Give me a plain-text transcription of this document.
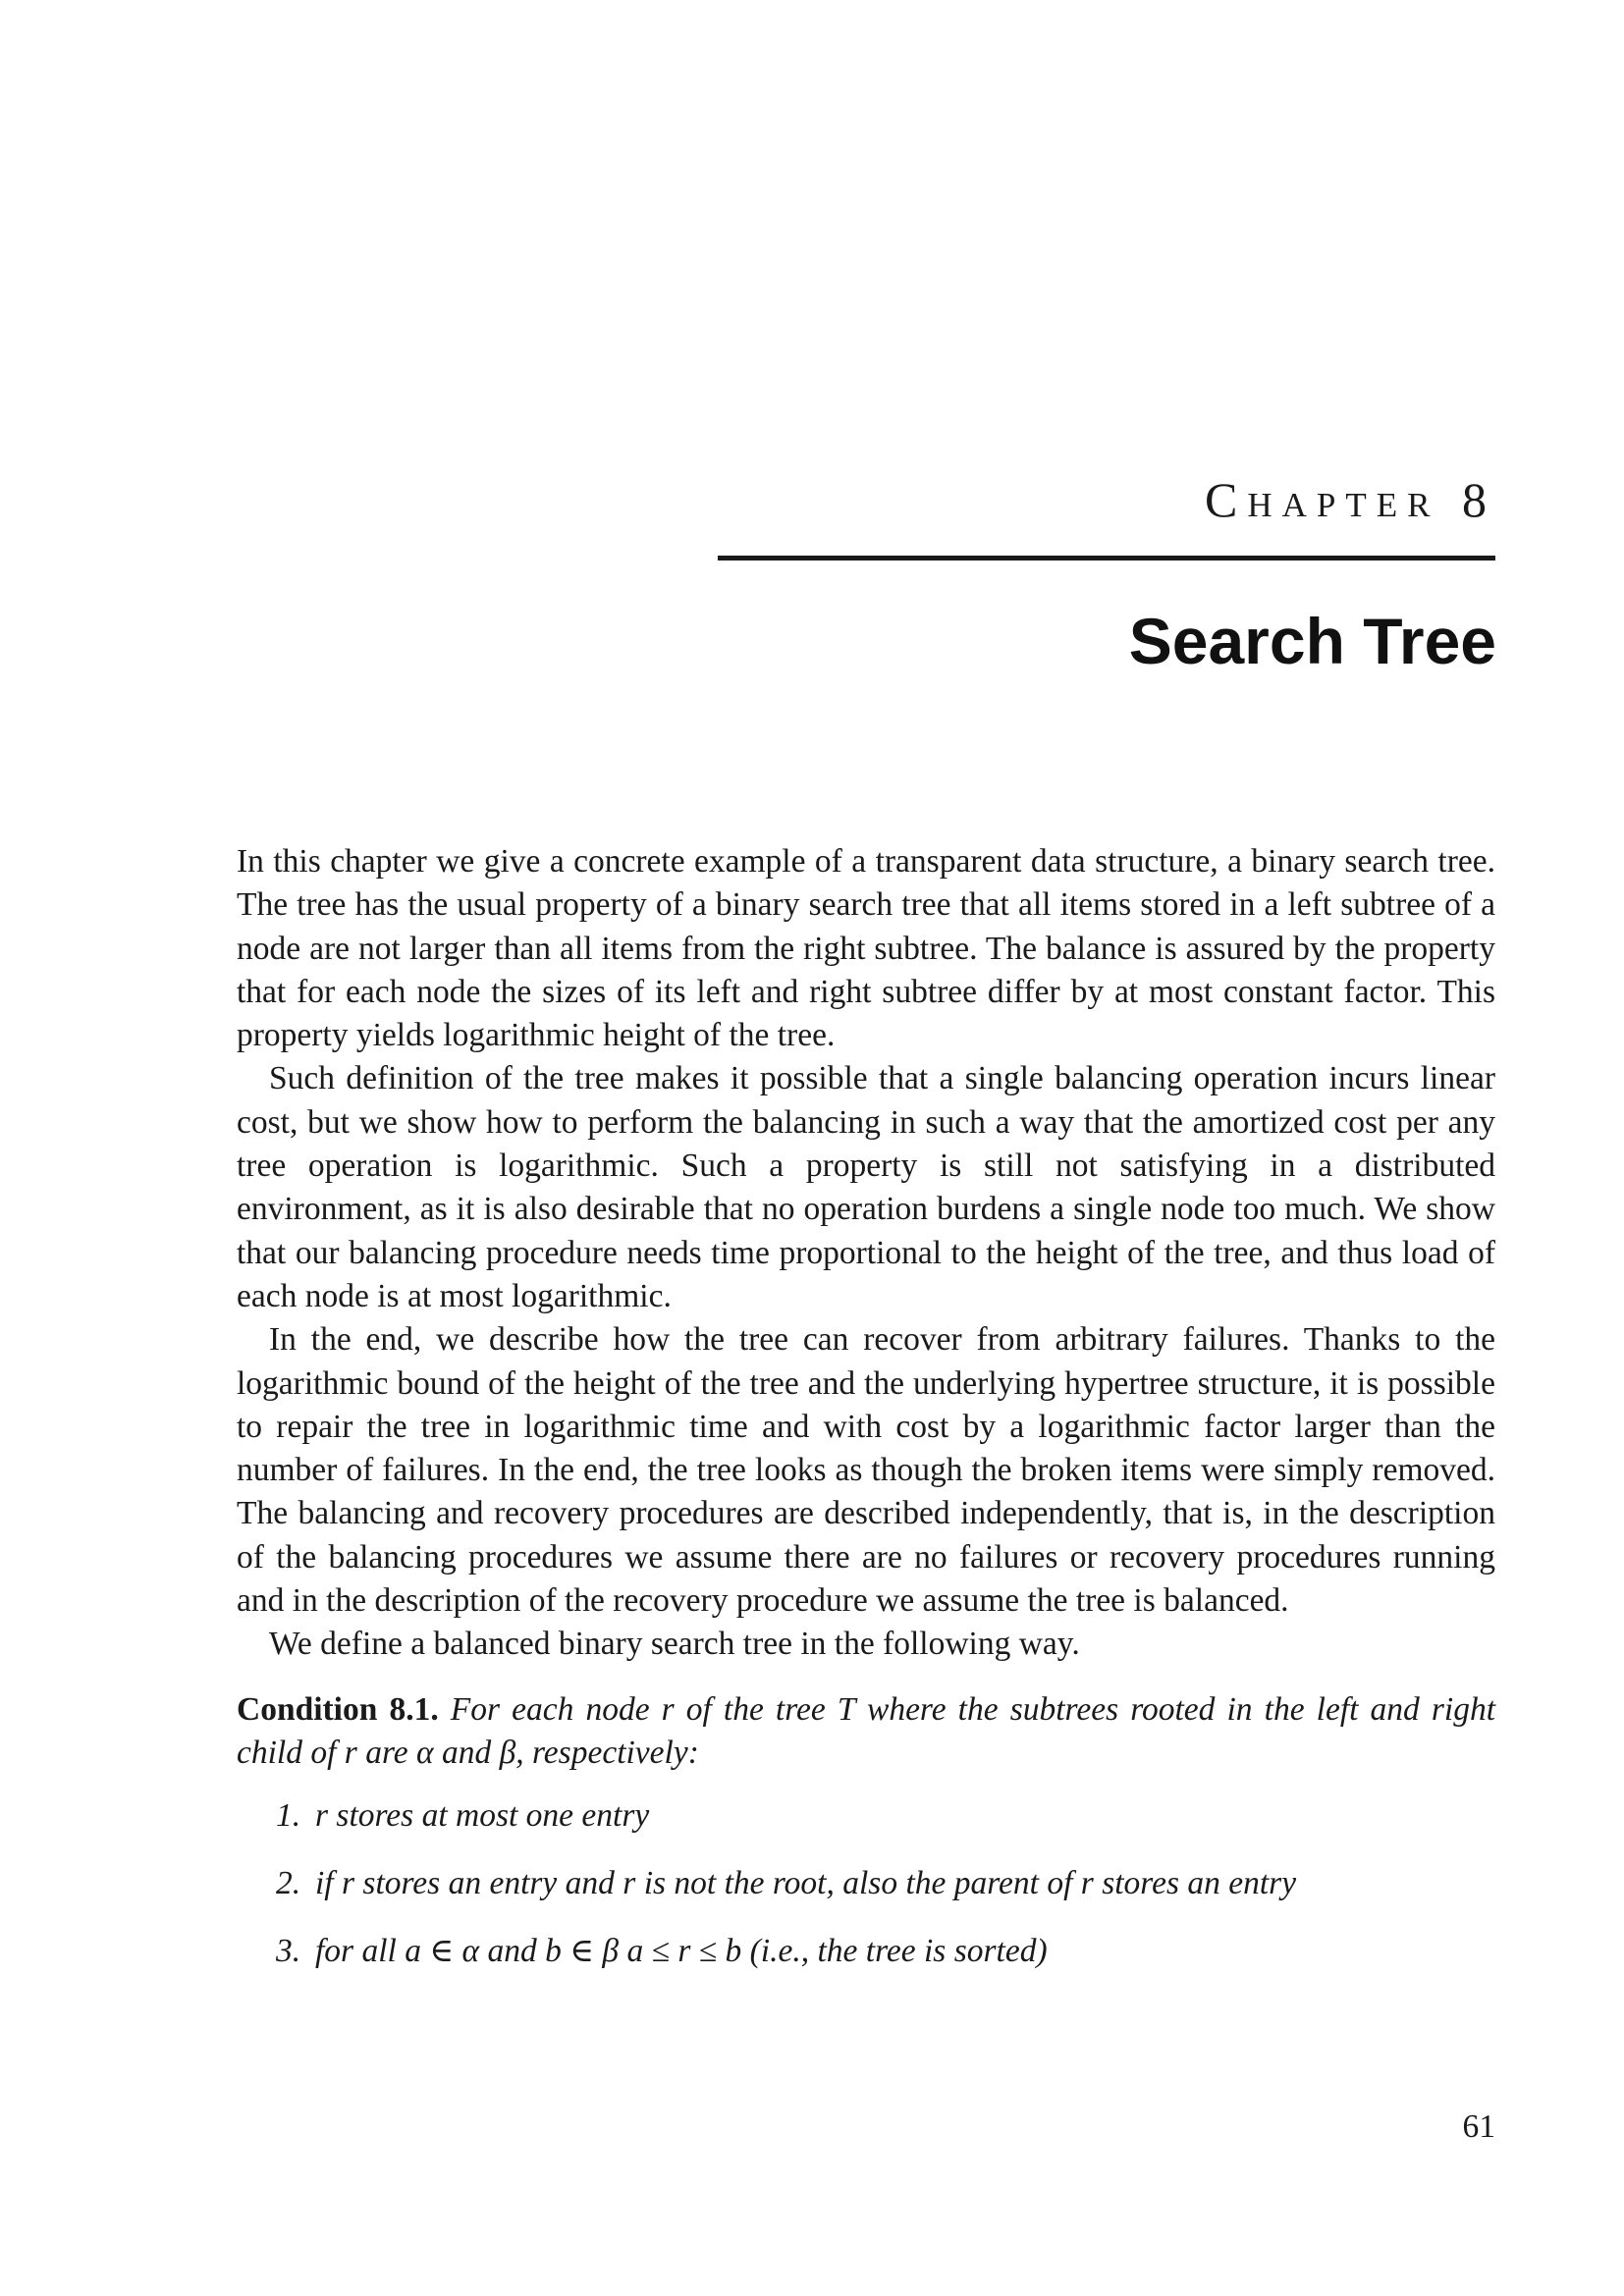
Chapter 8
Search Tree

In this chapter we give a concrete example of a transparent data structure, a binary search tree. The tree has the usual property of a binary search tree that all items stored in a left subtree of a node are not larger than all items from the right subtree. The balance is assured by the property that for each node the sizes of its left and right subtree differ by at most constant factor. This property yields logarithmic height of the tree.

Such definition of the tree makes it possible that a single balancing operation incurs linear cost, but we show how to perform the balancing in such a way that the amortized cost per any tree operation is logarithmic. Such a property is still not satisfying in a distributed environment, as it is also desirable that no operation burdens a single node too much. We show that our balancing procedure needs time proportional to the height of the tree, and thus load of each node is at most logarithmic.

In the end, we describe how the tree can recover from arbitrary failures. Thanks to the logarithmic bound of the height of the tree and the underlying hypertree structure, it is possible to repair the tree in logarithmic time and with cost by a logarithmic factor larger than the number of failures. In the end, the tree looks as though the broken items were simply removed. The balancing and recovery procedures are described independently, that is, in the description of the balancing procedures we assume there are no failures or recovery procedures running and in the description of the recovery procedure we assume the tree is balanced.

We define a balanced binary search tree in the following way.

Condition 8.1. For each node r of the tree T where the subtrees rooted in the left and right child of r are α and β, respectively:

1. r stores at most one entry
2. if r stores an entry and r is not the root, also the parent of r stores an entry
3. for all a ∈ α and b ∈ β a ≤ r ≤ b (i.e., the tree is sorted)
61
